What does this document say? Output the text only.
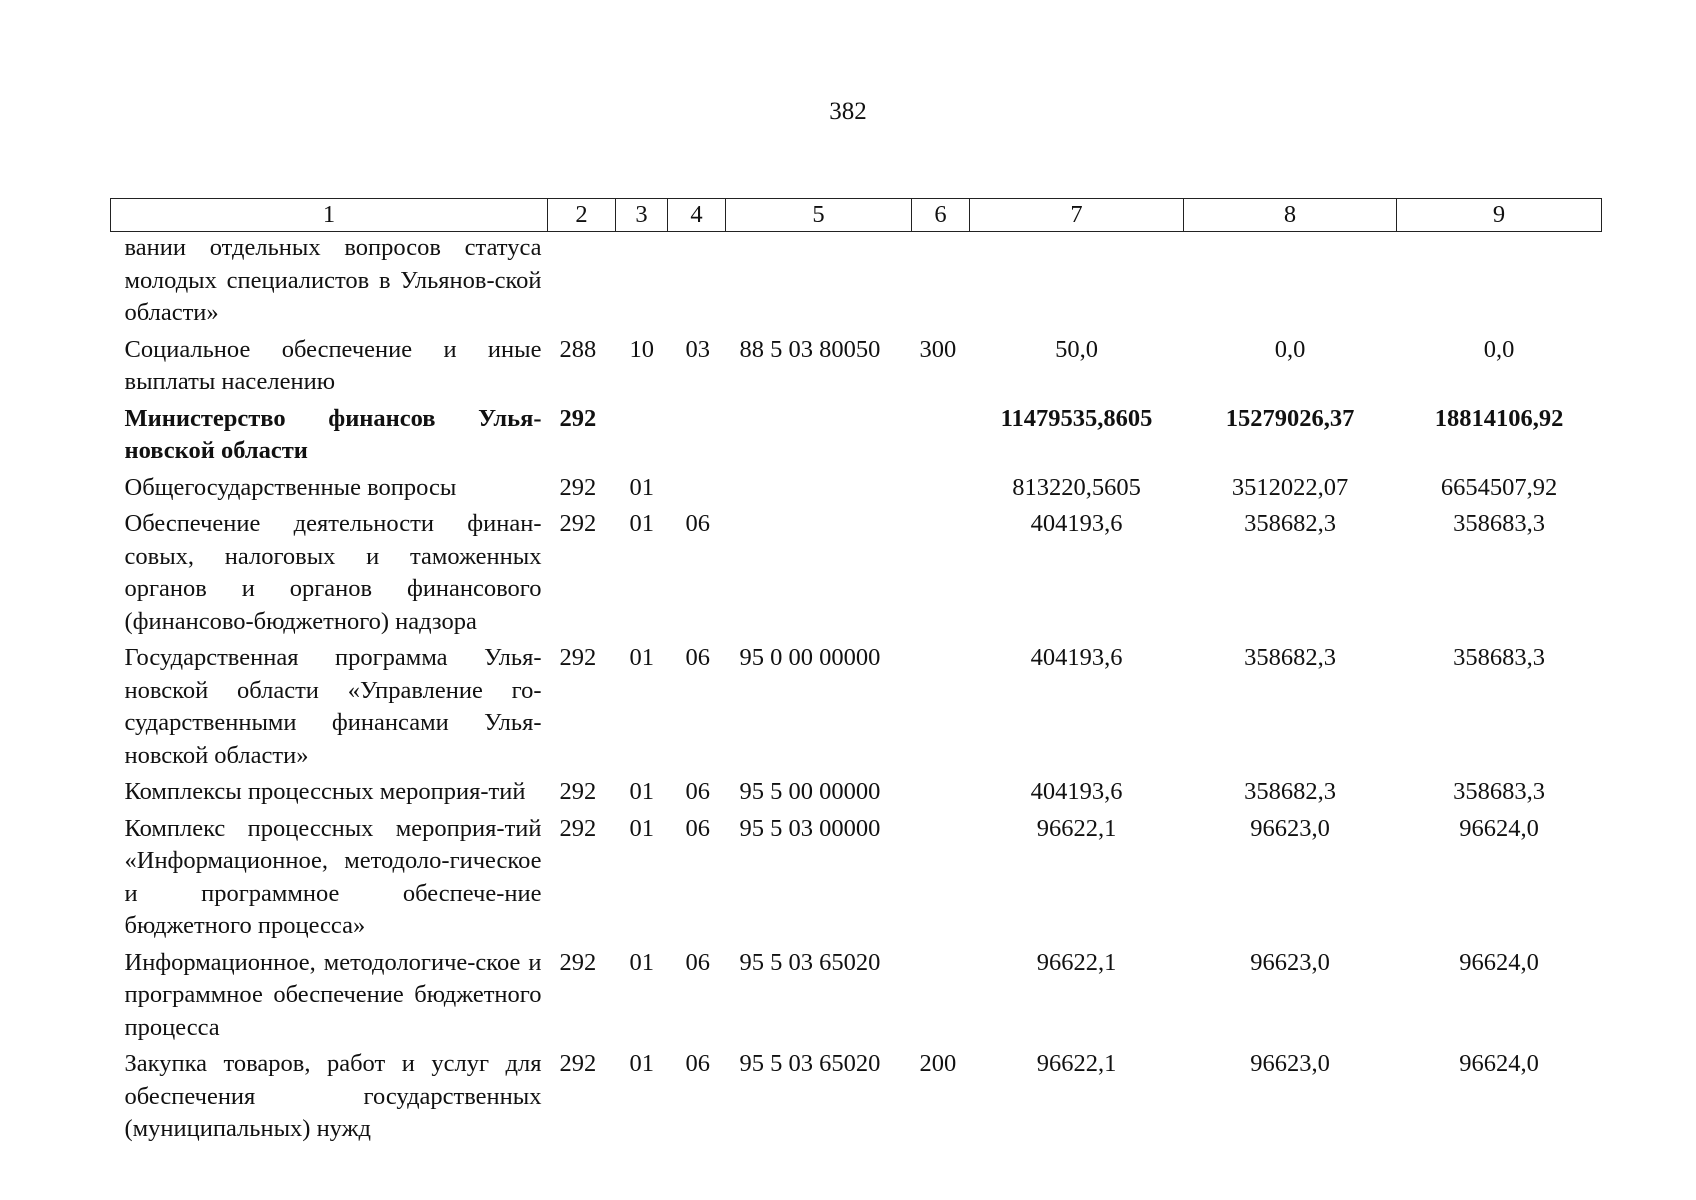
382
1	2	3	4	5	6	7	8	9
вании отдельных вопросов статуса молодых специалистов в Ульянов-ской области»								
Социальное обеспечение и иные выплаты населению	288	10	03	88 5 03 80050	300	50,0	0,0	0,0
Министерство финансов Улья-новской области	292					11479535,8605	15279026,37	18814106,92
Общегосударственные вопросы	292	01				813220,5605	3512022,07	6654507,92
Обеспечение деятельности финан-совых, налоговых и таможенных органов и органов финансового (финансово-бюджетного) надзора	292	01	06			404193,6	358682,3	358683,3
Государственная программа Улья-новской области «Управление го-сударственными финансами Улья-новской области»	292	01	06	95 0 00 00000		404193,6	358682,3	358683,3
Комплексы процессных мероприя-тий	292	01	06	95 5 00 00000		404193,6	358682,3	358683,3
Комплекс процессных мероприя-тий «Информационное, методоло-гическое и программное обеспече-ние бюджетного процесса»	292	01	06	95 5 03 00000		96622,1	96623,0	96624,0
Информационное, методологиче-ское и программное обеспечение бюджетного процесса	292	01	06	95 5 03 65020		96622,1	96623,0	96624,0
Закупка товаров, работ и услуг для обеспечения государственных (муниципальных) нужд	292	01	06	95 5 03 65020	200	96622,1	96623,0	96624,0
